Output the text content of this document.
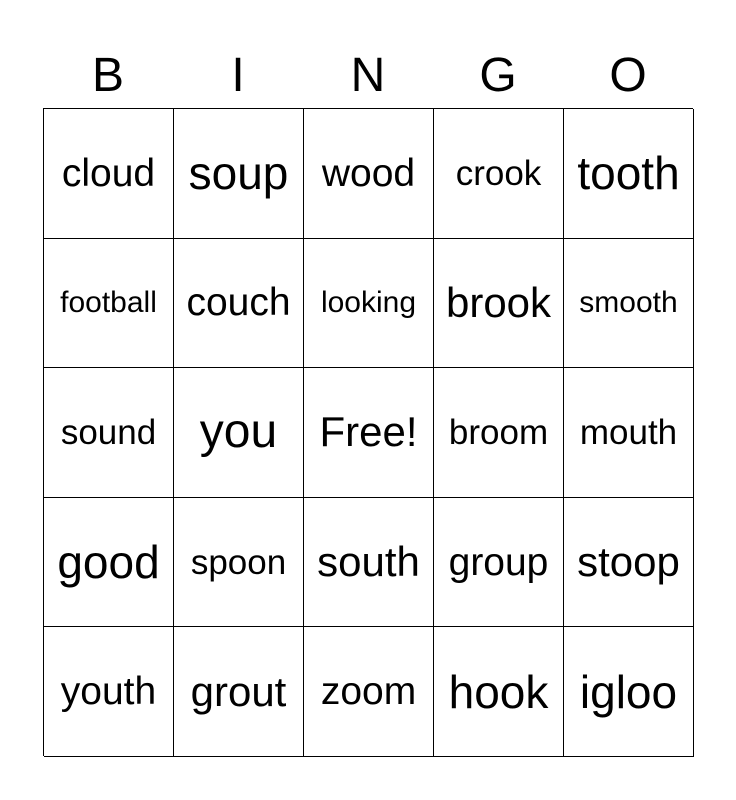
B	I	N	G	O
cloud soup wood	crook tooth
football couch	looking brook smooth
sound you	Free! broom mouth
good spoon south group stoop
youth grout zoom hook igloo
